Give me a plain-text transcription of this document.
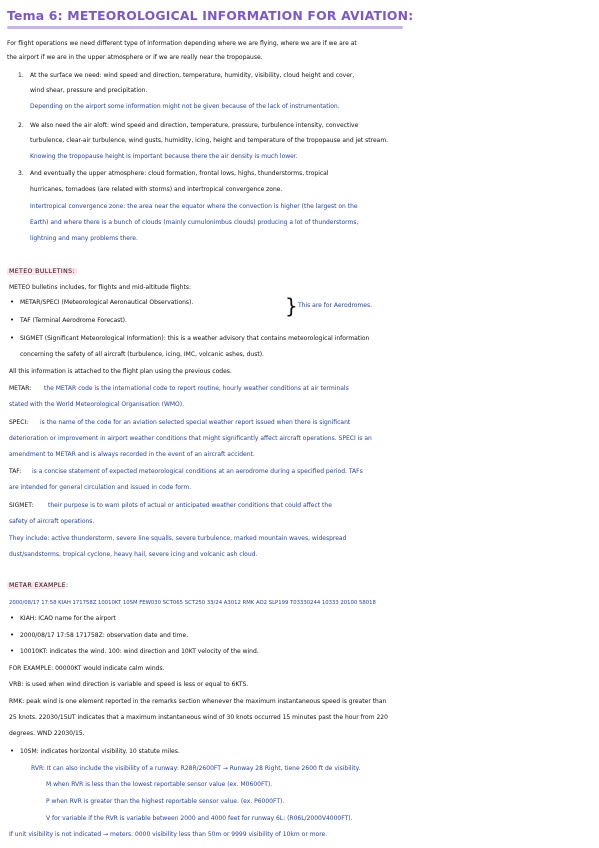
Tema 6: METEOROLOGICAL INFORMATION FOR AVIATION:
For flight operations we need different type of information depending where we are flying, where we are if we are at
the airport if we are in the upper atmosphere or if we are really near the tropopause.
1. At the surface we need: wind speed and direction, temperature, humidity, visibility, cloud height and cover,
wind shear, pressure and precipitation.
Depending on the airport some information might not be given because of the lack of instrumentation.
2. We also need the air aloft: wind speed and direction, temperature, pressure, turbulence intensity, convective
turbulence, clear-air turbulence, wind gusts, humidity, icing, height and temperature of the tropopause and jet stream.
Knowing the tropopause height is important because there the air density is much lower.
3. And eventually the upper atmosphere: cloud formation, frontal lows, highs, thunderstorms, tropical
hurricanes, tornadoes (are related with storms) and intertropical convergence zone.
Intertropical convergence zone: the area near the equator where the convection is higher (the largest on the
Earth) and where there is a bunch of clouds (mainly cumulonimbus clouds) producing a lot of thunderstorms,
lightning and many problems there.
METEO BULLETINS:
METEO bulletins includes, for flights and mid-altitude flights:
• METAR/SPECI (Meteorological Aeronautical Observations).
• TAF (Terminal Aerodrome Forecast).
} This are for Aerodromes.
• SIGMET (Significant Meteorological Information): this is a weather advisory that contains meteorological information
concerning the safety of all aircraft (turbulence, icing, IMC, volcanic ashes, dust).
All this information is attached to the flight plan using the previous codes.
METAR: the METAR code is the international code to report routine, hourly weather conditions at air terminals
stated with the World Meteorological Organisation (WMO).
SPECI: is the name of the code for an aviation selected special weather report issued when there is significant
deterioration or improvement in airport weather conditions that might significantly affect aircraft operations. SPECI is an
amendment to METAR and is always recorded in the event of an aircraft accident.
TAF: is a concise statement of expected meteorological conditions at an aerodrome during a specified period. TAFs
are intended for general circulation and issued in code form.
SIGMET: their purpose is to warn pilots of actual or anticipated weather conditions that could affect the
safety of aircraft operations.
They include: active thunderstorm, severe line squalls, severe turbulence, marked mountain waves, widespread
dust/sandstorms, tropical cyclone, heavy hail, severe icing and volcanic ash cloud.
METAR EXAMPLE:
2000/08/17 17:58 KIAH 171758Z 10010KT 10SM FEW030 SCT065 SCT250 33/24 A3012 RMK AO2 SLP199 T03330244 10333 20100 58018
• KIAH: ICAO name for the airport
• 2000/08/17 17:58 171758Z: observation date and time.
• 10010KT: indicates the wind. 100: wind direction and 10KT velocity of the wind.
FOR EXAMPLE: 00000KT would indicate calm winds.
VRB: is used when wind direction is variable and speed is less or equal to 6KTS.
RMK: peak wind is one element reported in the remarks section whenever the maximum instantaneous speed is greater than
25 knots. 22030/15UT indicates that a maximum instantaneous wind of 30 knots occurred 15 minutes past the hour from 220
degrees. WND 22030/15.
• 10SM: indicates horizontal visibility. 10 statute miles.
RVR: It can also include the visibility of a runway: R28R/2600FT → Runway 28 Right, tiene 2600 ft de visibility.
M when RVR is less than the lowest reportable sensor value (ex. M0600FT).
P when RVR is greater than the highest reportable sensor value. (ex. P6000FT).
V for variable if the RVR is variable between 2000 and 4000 feet for runway 6L: (R06L/2000V4000FT).
If unit visibility is not indicated → meters. 0000 visibility less than 50m or 9999 visibility of 10km or more.
